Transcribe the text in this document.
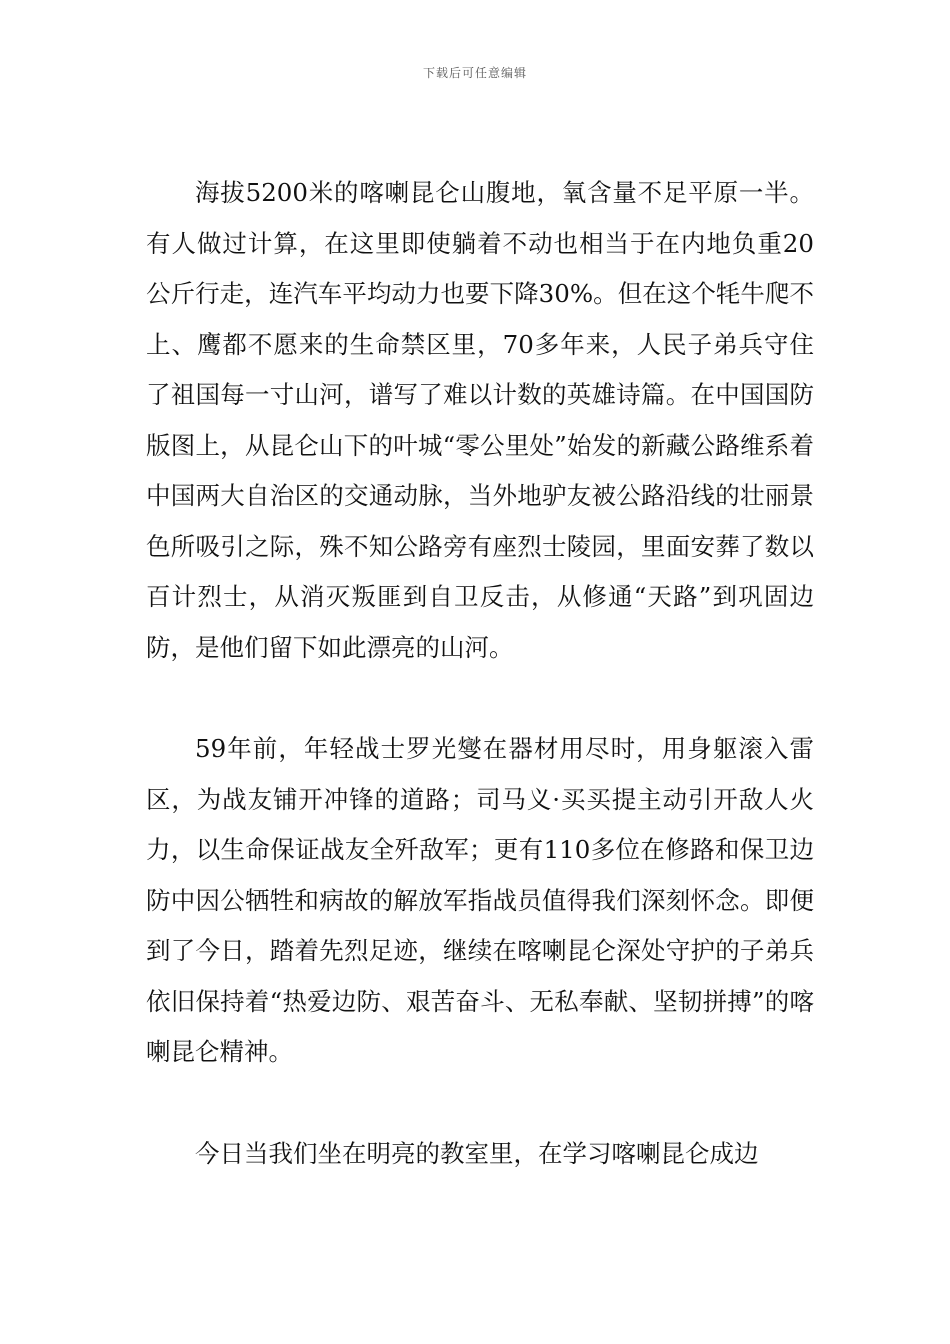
下载后可任意编辑

海拔5200米的喀喇昆仑山腹地，氧含量不足平原一半。有人做过计算，在这里即使躺着不动也相当于在内地负重20公斤行走，连汽车平均动力也要下降30%。但在这个牦牛爬不上、鹰都不愿来的生命禁区里，70多年来，人民子弟兵守住了祖国每一寸山河，谱写了难以计数的英雄诗篇。在中国国防版图上，从昆仑山下的叶城“零公里处”始发的新藏公路维系着中国两大自治区的交通动脉，当外地驴友被公路沿线的壮丽景色所吸引之际，殊不知公路旁有座烈士陵园，里面安葬了数以百计烈士，从消灭叛匪到自卫反击，从修通“天路”到巩固边防，是他们留下如此漂亮的山河。

59年前，年轻战士罗光燮在器材用尽时，用身躯滚入雷区，为战友铺开冲锋的道路；司马义·买买提主动引开敌人火力，以生命保证战友全歼敌军；更有110多位在修路和保卫边防中因公牺牲和病故的解放军指战员值得我们深刻怀念。即便到了今日，踏着先烈足迹，继续在喀喇昆仑深处守护的子弟兵依旧保持着“热爱边防、艰苦奋斗、无私奉献、坚韧拼搏”的喀喇昆仑精神。

今日当我们坐在明亮的教室里，在学习喀喇昆仑成边
